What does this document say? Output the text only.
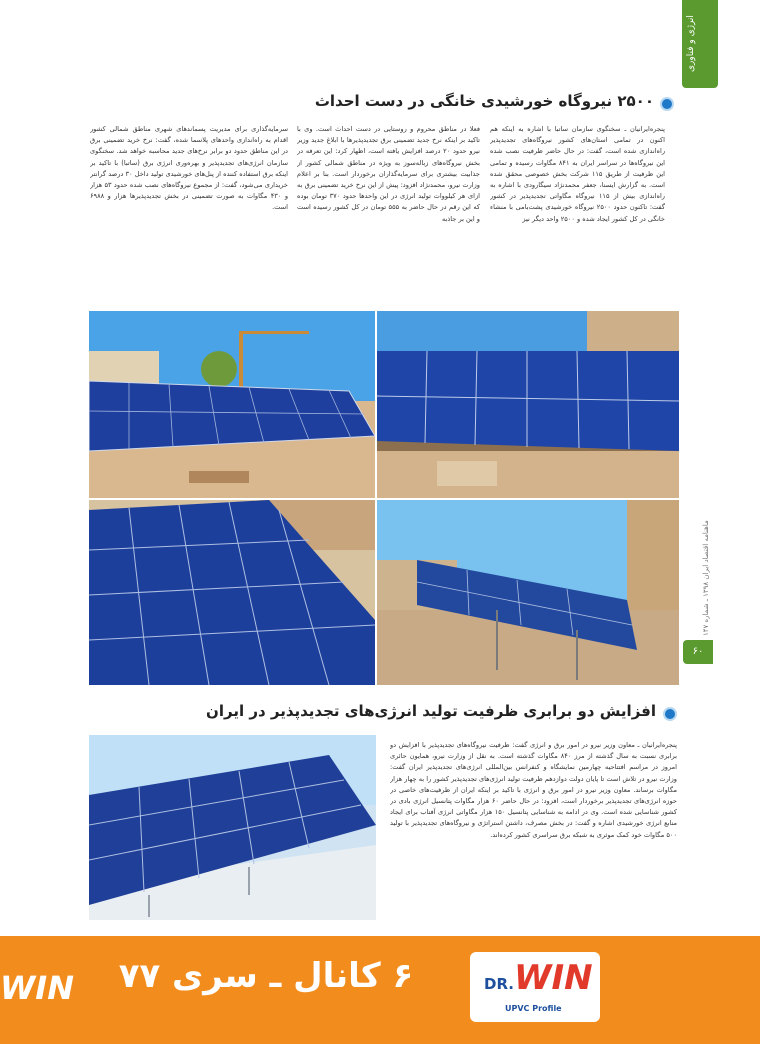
انرژی و فناوری
ماهنامه اقتصاد ایران ۱۳۹۸ ـ شماره ۱۴۷
۶۰
۲۵۰۰ نیروگاه خورشیدی خانگی در دست احداث
پنجره‌ایرانیان ـ سخنگوی سازمان ساتبا با اشاره به اینکه هم اکنون در تمامی استان‌های کشور نیروگاه‌های تجدیدپذیر راه‌اندازی شده است، گفت: در حال حاضر ظرفیت نصب شده این نیروگاه‌ها در سراسر ایران به ۸۴۱ مگاوات رسیده و تمامی این ظرفیت از طریق ۱۱۵ شرکت بخش خصوصی محقق شده است. به گزارش ایسنا، جعفر محمدنژاد سیگارودی با اشاره به راه‌اندازی بیش از ۱۱۵ نیروگاه مگاواتی تجدیدپذیر در کشور گفت: تاکنون حدود ۲۵۰۰ نیروگاه خورشیدی پشت‌بامی با منشاء خانگی در کل کشور ایجاد شده و ۲۵۰۰ واحد دیگر نیز
فعلا در مناطق محروم و روستایی در دست احداث است. وی با تاکید بر اینکه نرخ جدید تضمینی برق تجدیدپذیرها با ابلاغ جدید وزیر نیرو حدود ۲۰ درصد افزایش یافته است، اظهار کرد: این تعرفه در بخش نیروگاه‌های زباله‌سوز به ویژه در مناطق شمالی کشور از جذابیت بیشتری برای سرمایه‌گذاران برخوردار است. بنا بر اعلام وزارت نیرو، محمدنژاد افزود: پیش از این نرخ خرید تضمینی برق به ازای هر کیلووات تولید انرژی در این واحدها حدود ۳۷۰ تومان بوده که این رقم در حال حاضر به ۵۵۵ تومان در کل کشور رسیده است و این بر جاذبه
سرمایه‌گذاری برای مدیریت پسماندهای شهری مناطق شمالی کشور اقدام به راه‌اندازی واحدهای پلاسما شده، گفت: نرخ خرید تضمینی برق در این مناطق حدود دو برابر نرخ‌های جدید محاسبه خواهد شد. سخنگوی سازمان انرژی‌های تجدیدپذیر و بهره‌وری انرژی برق (ساتبا) با تاکید بر اینکه برق استفاده کننده از پنل‌های خورشیدی تولید داخل ۳۰ درصد گرانتر خریداری می‌شود، گفت: از مجموع نیروگاه‌های نصب شده حدود ۵۳ هزار و ۴۳۰ مگاوات به صورت تضمینی در بخش تجدیدپذیرها هزار و ۶۹۸۸ است.
افزایش دو برابری ظرفیت تولید انرژی‌های تجدیدپذیر در ایران
پنجره‌ایرانیان ـ معاون وزیر نیرو در امور برق و انرژی گفت: ظرفیت نیروگاه‌های تجدیدپذیر با افزایش دو برابری نسبت به سال گذشته از مرز ۸۴۰ مگاوات گذشته است. به نقل از وزارت نیرو، همایون حائری امروز در مراسم افتتاحیه چهارمین نمایشگاه و کنفرانس بین‌المللی انرژی‌های تجدیدپذیر ایران گفت: وزارت نیرو در تلاش است تا پایان دولت دوازدهم ظرفیت تولید انرژی‌های تجدیدپذیر کشور را به چهار هزار مگاوات برساند. معاون وزیر نیرو در امور برق و انرژی با تاکید بر اینکه ایران از ظرفیت‌های خاصی در حوزه انرژی‌های تجدیدپذیر برخوردار است، افزود: در حال حاضر ۶۰ هزار مگاوات پتانسیل انرژی بادی در کشور شناسایی شده است. وی در ادامه به شناسایی پتانسیل ۱۵۰ هزار مگاواتی انرژی آفتاب برای ایجاد منابع انرژی خورشیدی اشاره و گفت: در بخش مصرف، داشتن استراتژی و نیروگاه‌های تجدیدپذیر با تولید ۵۰۰ مگاوات خود کمک موثری به شبکه برق سراسری کشور کرده‌اند.
WIN	۶ کانال ـ سری ۷۷	DR.WIN
UPVC Profile
